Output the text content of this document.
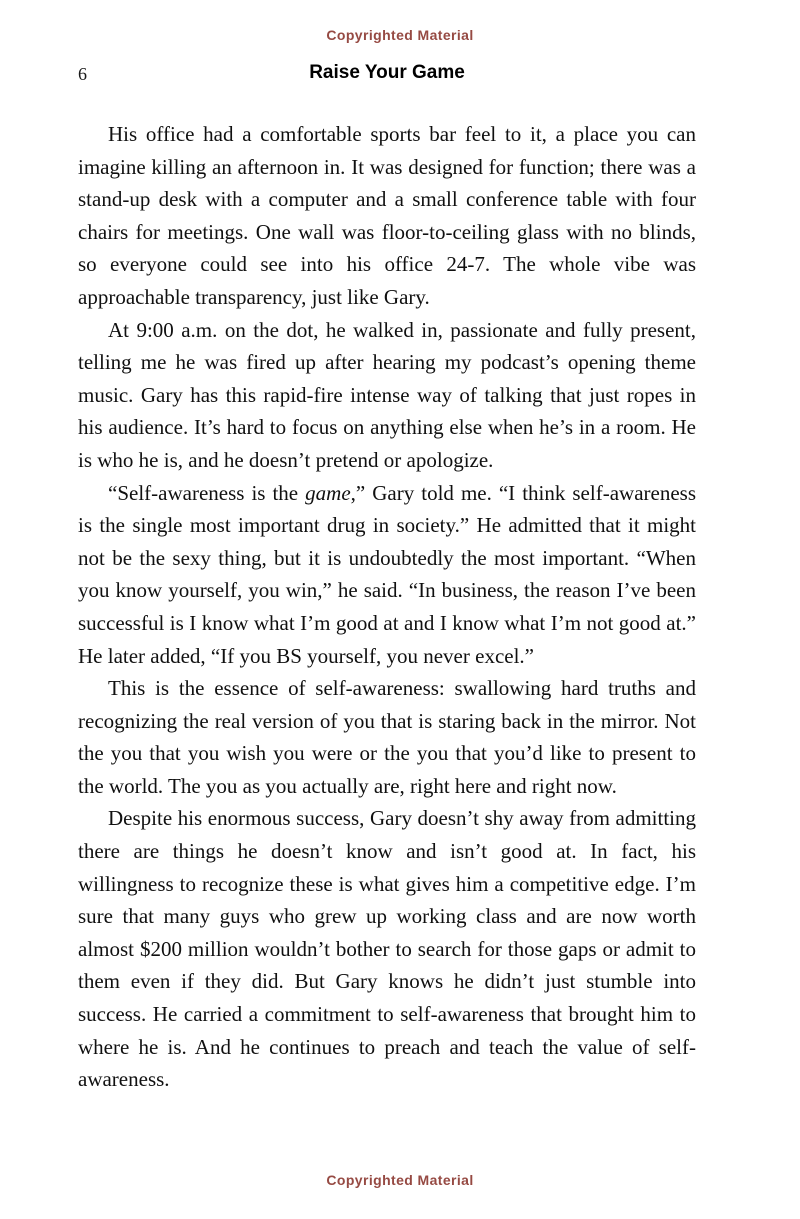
Copyrighted Material
6	Raise Your Game

His office had a comfortable sports bar feel to it, a place you can imagine killing an afternoon in. It was designed for function; there was a stand-up desk with a computer and a small conference table with four chairs for meetings. One wall was floor-to-ceiling glass with no blinds, so everyone could see into his office 24-7. The whole vibe was approachable transparency, just like Gary.

At 9:00 a.m. on the dot, he walked in, passionate and fully present, telling me he was fired up after hearing my podcast’s opening theme music. Gary has this rapid-fire intense way of talking that just ropes in his audience. It’s hard to focus on anything else when he’s in a room. He is who he is, and he doesn’t pretend or apologize.

“Self-awareness is the game,” Gary told me. “I think self-awareness is the single most important drug in society.” He admitted that it might not be the sexy thing, but it is undoubtedly the most important. “When you know yourself, you win,” he said. “In business, the reason I’ve been successful is I know what I’m good at and I know what I’m not good at.” He later added, “If you BS yourself, you never excel.”

This is the essence of self-awareness: swallowing hard truths and recognizing the real version of you that is staring back in the mirror. Not the you that you wish you were or the you that you’d like to present to the world. The you as you actually are, right here and right now.

Despite his enormous success, Gary doesn’t shy away from admitting there are things he doesn’t know and isn’t good at. In fact, his willingness to recognize these is what gives him a competitive edge. I’m sure that many guys who grew up working class and are now worth almost $200 million wouldn’t bother to search for those gaps or admit to them even if they did. But Gary knows he didn’t just stumble into success. He carried a commitment to self-awareness that brought him to where he is. And he continues to preach and teach the value of self-awareness.

Copyrighted Material
